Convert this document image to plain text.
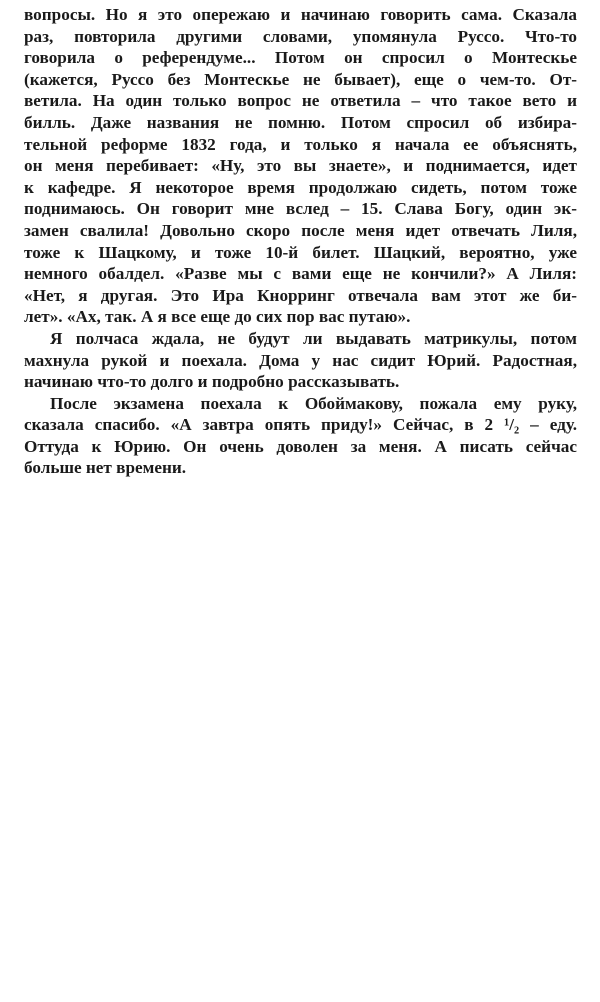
вопросы. Но я это опережаю и начинаю говорить сама. Сказала
раз, повторила другими словами, упомянула Руссо. Что-то
говорила о референдуме... Потом он спросил о Монтескье
(кажется, Руссо без Монтескье не бывает), еще о чем-то. От-
ветила. На один только вопрос не ответила – что такое вето и
билль. Даже названия не помню. Потом спросил об избира-
тельной реформе 1832 года, и только я начала ее объяснять,
он меня перебивает: «Ну, это вы знаете», и поднимается, идет
к кафедре. Я некоторое время продолжаю сидеть, потом тоже
поднимаюсь. Он говорит мне вслед – 15. Слава Богу, один эк-
замен свалила! Довольно скоро после меня идет отвечать Лиля,
тоже к Шацкому, и тоже 10-й билет. Шацкий, вероятно, уже
немного обалдел. «Разве мы с вами еще не кончили?» А Лиля:
«Нет, я другая. Это Ира Кнорринг отвечала вам этот же би-
лет». «Ах, так. А я все еще до сих пор вас путаю».
Я полчаса ждала, не будут ли выдавать матрикулы, потом
махнула рукой и поехала. Дома у нас сидит Юрий. Радостная,
начинаю что-то долго и подробно рассказывать.
После экзамена поехала к Обоймакову, пожала ему руку,
сказала спасибо. «А завтра опять приду!» Сейчас, в 2 ¹/₂ – еду.
Оттуда к Юрию. Он очень доволен за меня. А писать сейчас
больше нет времени.
